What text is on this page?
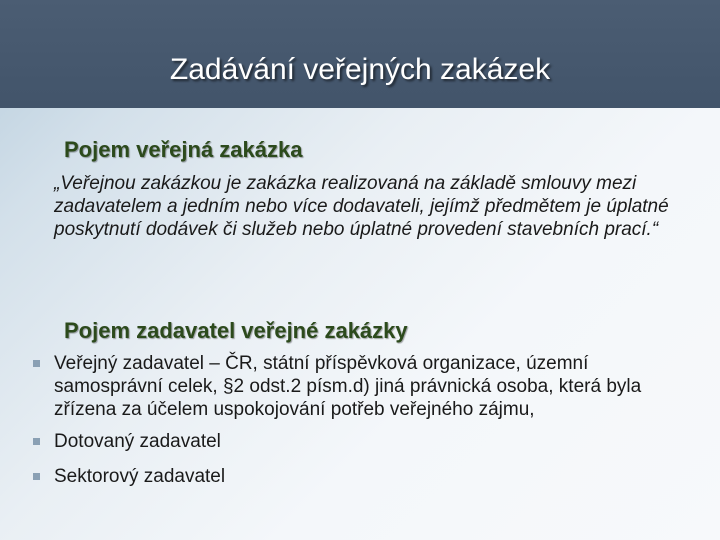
Zadávání veřejných zakázek
Pojem veřejná zakázka

„Veřejnou zakázkou je zakázka realizovaná na základě smlouvy mezi zadavatelem a jedním nebo více dodavateli, jejímž předmětem je úplatné poskytnutí dodávek či služeb nebo úplatné provedení stavebních prací.“

Pojem zadavatel veřejné zakázky
Veřejný zadavatel – ČR, státní příspěvková organizace, územní samosprávní celek, §2 odst.2 písm.d) jiná právnická osoba, která byla zřízena za účelem uspokojování potřeb veřejného zájmu,
Dotovaný zadavatel
Sektorový zadavatel
